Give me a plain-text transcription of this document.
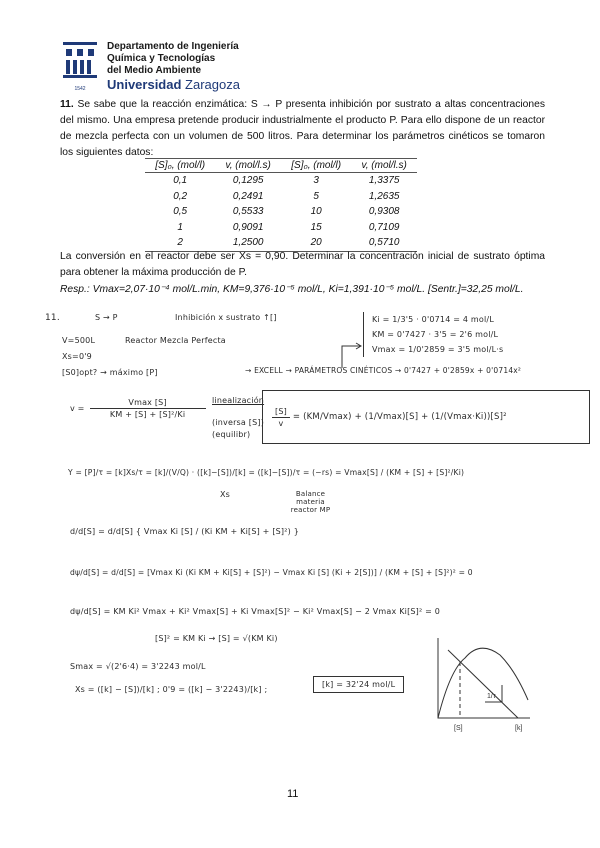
1542
Departamento de Ingeniería
Química y Tecnologías
del Medio Ambiente
Universidad Zaragoza
11. Se sabe que la reacción enzimática: S → P presenta inhibición por sustrato a altas concentraciones del mismo. Una empresa pretende producir industrialmente el producto P. Para ello dispone de un reactor de mezcla perfecta con un volumen de 500 litros. Para determinar los parámetros cinéticos se tomaron los siguientes datos:
[S]₀, (mol/l)	v, (mol/l.s)	[S]₀, (mol/l)	v, (mol/l.s)
0,1	0,1295	3	1,3375
0,2	0,2491	5	1,2635
0,5	0,5533	10	0,9308
1	0,9091	15	0,7109
2	1,2500	20	0,5710
La conversión en el reactor debe ser Xs = 0,90. Determinar la concentración inicial de sustrato óptima para obtener la máxima producción de P.
Resp.: Vmax=2,07·10⁻⁴ mol/L.min, KM=9,376·10⁻⁵ mol/L, Ki=1,391·10⁻⁵ mol/L. [Sentr.]=32,25 mol/L.
11.	S → P	Inhibición x sustrato ↑[]
V=500L	Reactor Mezcla Perfecta
Xs=0'9
[S0]opt? → máximo [P]
Ki = 1/3'5 · 0'0714 = 4 mol/L
KM = 0'7427 · 3'5 = 2'6 mol/L
Vmax = 1/0'2859 = 3'5 mol/L·s
→ EXCELL → PARÁMETROS CINÉTICOS → 0'7427 + 0'2859x + 0'0714x²
v =
Vmax [S]
KM + [S] + [S]²/Ki
linealización
(inversa [S])
(equilibr)
$\frac{[S]}{v} = (KM/Vmax) + (1/Vmax)[S] + (1/(Vmax\cdot Ki))[S]^2$
Y = [P]/τ = [k]Xs/τ = [k]/(V/Q) · ([k]−[S])/[k] = ([k]−[S])/τ = (−rs) = Vmax[S] / (KM + [S] + [S]²/Ki)
Xs	Balance materia reactor MP
d/d[S] = d/d[S] { Vmax Ki [S] / (Ki KM + Ki[S] + [S]²) }
dψ/d[S] = d/d[S] = [Vmax Ki (Ki KM + Ki[S] + [S]²) − Vmax Ki [S] (Ki + 2[S])] / (KM + [S] + [S]²)² = 0
dψ/d[S] = KM Ki² Vmax + Ki² Vmax[S] + Ki Vmax[S]² − Ki² Vmax[S] − 2 Vmax Ki[S]² = 0
[S]² = KM Ki → [S] = √(KM Ki)
Smax = √(2'6·4) = 3'2243 mol/L
Xs = ([k] − [S])/[k] ; 0'9 = ([k] − 3'2243)/[k] ;
[k] = 32'24 mol/L
1/τ
[S]	[k]
11
